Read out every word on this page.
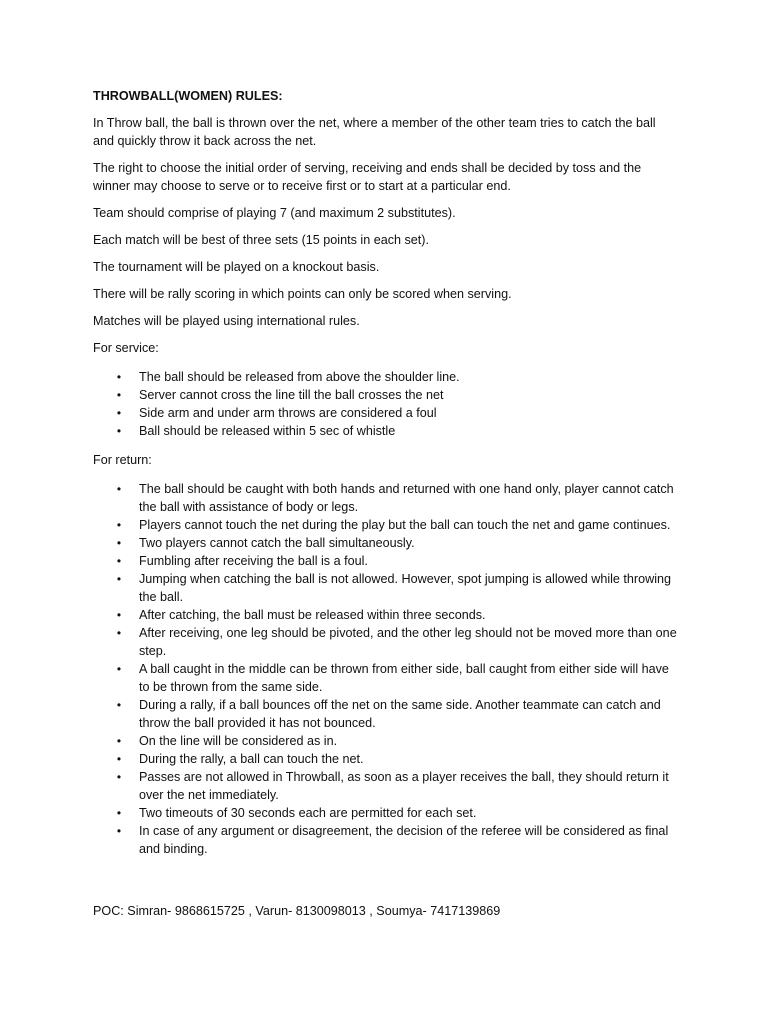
THROWBALL(WOMEN) RULES:

In Throw ball, the ball is thrown over the net, where a member of the other team tries to catch the ball and quickly throw it back across the net.

The right to choose the initial order of serving, receiving and ends shall be decided by toss and the winner may choose to serve or to receive first or to start at a particular end.

Team should comprise of playing 7 (and maximum 2 substitutes).

Each match will be best of three sets (15 points in each set).

The tournament will be played on a knockout basis.

There will be rally scoring in which points can only be scored when serving.

Matches will be played using international rules.

For service:
• The ball should be released from above the shoulder line.
• Server cannot cross the line till the ball crosses the net
• Side arm and under arm throws are considered a foul
• Ball should be released within 5 sec of whistle
For return:
• The ball should be caught with both hands and returned with one hand only, player cannot catch the ball with assistance of body or legs.
• Players cannot touch the net during the play but the ball can touch the net and game continues.
• Two players cannot catch the ball simultaneously.
• Fumbling after receiving the ball is a foul.
• Jumping when catching the ball is not allowed. However, spot jumping is allowed while throwing the ball.
• After catching, the ball must be released within three seconds.
• After receiving, one leg should be pivoted, and the other leg should not be moved more than one step.
• A ball caught in the middle can be thrown from either side, ball caught from either side will have to be thrown from the same side.
• During a rally, if a ball bounces off the net on the same side. Another teammate can catch and throw the ball provided it has not bounced.
• On the line will be considered as in.
• During the rally, a ball can touch the net.
• Passes are not allowed in Throwball, as soon as a player receives the ball, they should return it over the net immediately.
• Two timeouts of 30 seconds each are permitted for each set.
• In case of any argument or disagreement, the decision of the referee will be considered as final and binding.
POC: Simran- 9868615725 , Varun- 8130098013 , Soumya- 7417139869
